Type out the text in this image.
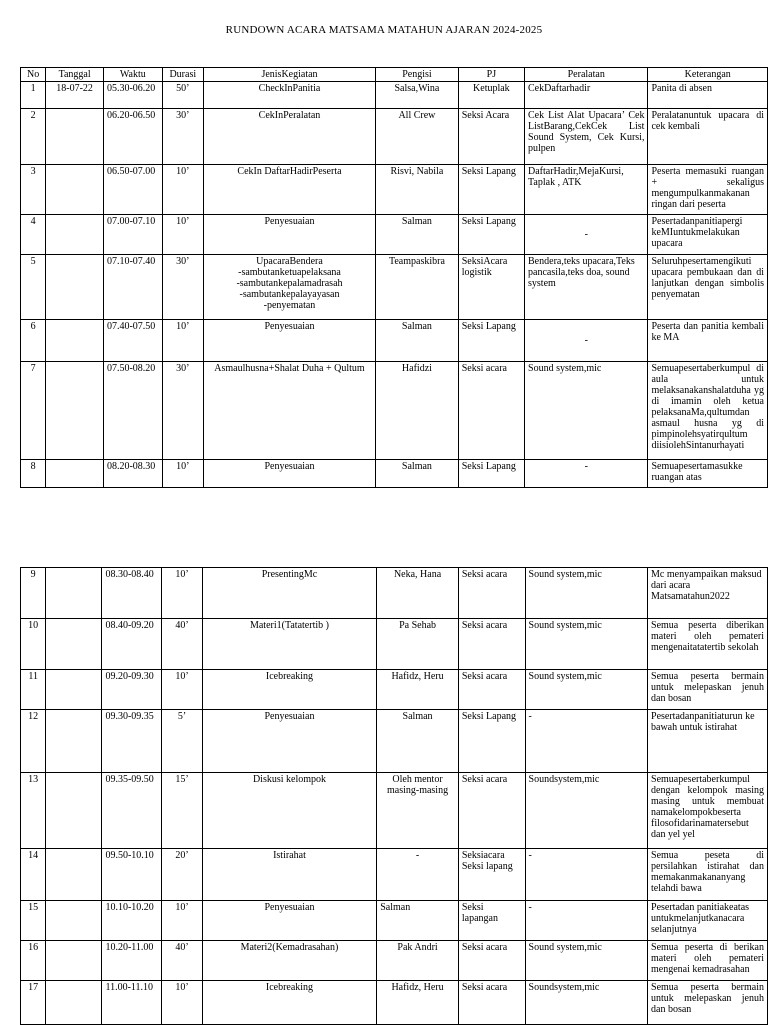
RUNDOWN ACARA MATSAMA MATAHUN AJARAN 2024-2025
No	Tanggal	Waktu	Durasi	JenisKegiatan	Pengisi	PJ	Peralatan	Keterangan
1	18-07-22	05.30-06.20	50’	CheckInPanitia	Salsa,Wina	Ketuplak	CekDaftarhadir	Panita di absen
2		06.20-06.50	30’	CekInPeralatan	All Crew	Seksi Acara	Cek List Alat Upacara’ Cek ListBarang,CekCek List Sound System, Cek Kursi, pulpen	Peralatanuntuk upacara di cek kembali
3		06.50-07.00	10’	CekIn DaftarHadirPeserta	Risvi, Nabila	Seksi Lapang	DaftarHadir,MejaKursi, Taplak , ATK	Peserta memasuki ruangan + sekaligus mengumpulkanmakanan ringan dari peserta
4		07.00-07.10	10’	Penyesuaian	Salman	Seksi Lapang	-	Pesertadanpanitiapergi keMIuntukmelakukan upacara
5		07.10-07.40	30’	UpacaraBendera
-sambutanketuapelaksana
-sambutankepalamadrasah
-sambutankepalayayasan
-penyematan	Teampaskibra	SeksiAcara logistik	Bendera,teks upacara,Teks pancasila,teks doa, sound system	Seluruhpesertamengikuti upacara pembukaan dan di lanjutkan dengan simbolis penyematan
6		07.40-07.50	10’	Penyesuaian	Salman	Seksi Lapang	-	Peserta dan panitia kembali ke MA
7		07.50-08.20	30’	Asmaulhusna+Shalat Duha + Qultum	Hafidzi	Seksi acara	Sound system,mic	Semuapesertaberkumpul di aula untuk melaksanakanshalatduha yg di imamin oleh ketua pelaksanaMa,qultumdan asmaul husna yg di pimpinolehsyatirqultum diisiolehSintanurhayati
8		08.20-08.30	10’	Penyesuaian	Salman	Seksi Lapang	-	Semuapesertamasukke ruangan atas
9		08.30-08.40	10’	PresentingMc	Neka, Hana	Seksi acara	Sound system,mic	Mc menyampaikan maksud dari acara Matsamatahun2022
10		08.40-09.20	40’	Materi1(Tatatertib )	Pa Sehab	Seksi acara	Sound system,mic	Semua peserta diberikan materi oleh pemateri mengenaitatatertib sekolah
11		09.20-09.30	10’	Icebreaking	Hafidz, Heru	Seksi acara	Sound system,mic	Semua peserta bermain untuk melepaskan jenuh dan bosan
12		09.30-09.35	5’	Penyesuaian	Salman	Seksi Lapang	-	Pesertadanpanitiaturun ke bawah untuk istirahat
13		09.35-09.50	15’	Diskusi kelompok	Oleh mentor masing-masing	Seksi acara	Soundsystem,mic	Semuapesertaberkumpul dengan kelompok masing masing untuk membuat namakelompokbeserta filosofidarinamatersebut dan yel yel
14		09.50-10.10	20’	Istirahat	-	Seksiacara Seksi lapang	-	Semua peseta di persilahkan istirahat dan memakanmakananyang telahdi bawa
15		10.10-10.20	10’	Penyesuaian	Salman	Seksi lapangan	-	Pesertadan panitiakeatas untukmelanjutkanacara selanjutnya
16		10.20-11.00	40’	Materi2(Kemadrasahan)	Pak Andri	Seksi acara	Sound system,mic	Semua peserta di berikan materi oleh pemateri mengenai kemadrasahan
17		11.00-11.10	10’	Icebreaking	Hafidz, Heru	Seksi acara	Soundsystem,mic	Semua peserta bermain untuk melepaskan jenuh dan bosan
